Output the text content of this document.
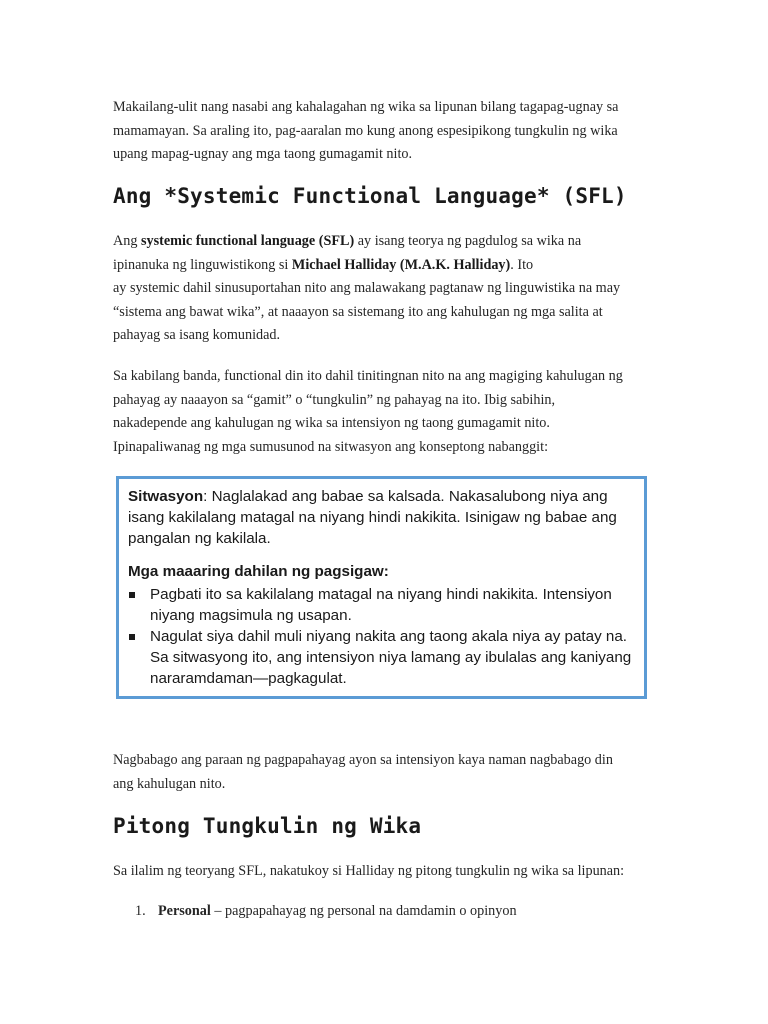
Makailang-ulit nang nasabi ang kahalagahan ng wika sa lipunan bilang tagapag-ugnay sa
mamamayan. Sa araling ito, pag-aaralan mo kung anong espesipikong tungkulin ng wika
upang mapag-ugnay ang mga taong gumagamit nito.

Ang *Systemic Functional Language* (SFL)

Ang systemic functional language (SFL) ay isang teorya ng pagdulog sa wika na
ipinanuka ng linguwistikong si Michael Halliday (M.A.K. Halliday). Ito
ay systemic dahil sinusuportahan nito ang malawakang pagtanaw ng linguwistika na may
“sistema ang bawat wika”, at naaayon sa sistemang ito ang kahulugan ng mga salita at
pahayag sa isang komunidad.

Sa kabilang banda, functional din ito dahil tinitingnan nito na ang magiging kahulugan ng
pahayag ay naaayon sa “gamit” o “tungkulin” ng pahayag na ito. Ibig sabihin,
nakadepende ang kahulugan ng wika sa intensiyon ng taong gumagamit nito.
Ipinapaliwanag ng mga sumusunod na sitwasyon ang konseptong nabanggit:

Nagbabago ang paraan ng pagpapahayag ayon sa intensiyon kaya naman nagbabago din
ang kahulugan nito.

Pitong Tungkulin ng Wika

Sa ilalim ng teoryang SFL, nakatukoy si Halliday ng pitong tungkulin ng wika sa lipunan:

1. Personal – pagpapahayag ng personal na damdamin o opinyon
Sitwasyon: Naglalakad ang babae sa kalsada. Nakasalubong niya ang
isang kakilalang matagal na niyang hindi nakikita. Isinigaw ng babae ang
pangalan ng kakilala.
Mga maaaring dahilan ng pagsigaw:
Pagbati ito sa kakilalang matagal na niyang hindi nakikita. Intensiyon
niyang magsimula ng usapan.
Nagulat siya dahil muli niyang nakita ang taong akala niya ay patay na.
Sa sitwasyong ito, ang intensiyon niya lamang ay ibulalas ang kaniyang
nararamdaman—pagkagulat.
